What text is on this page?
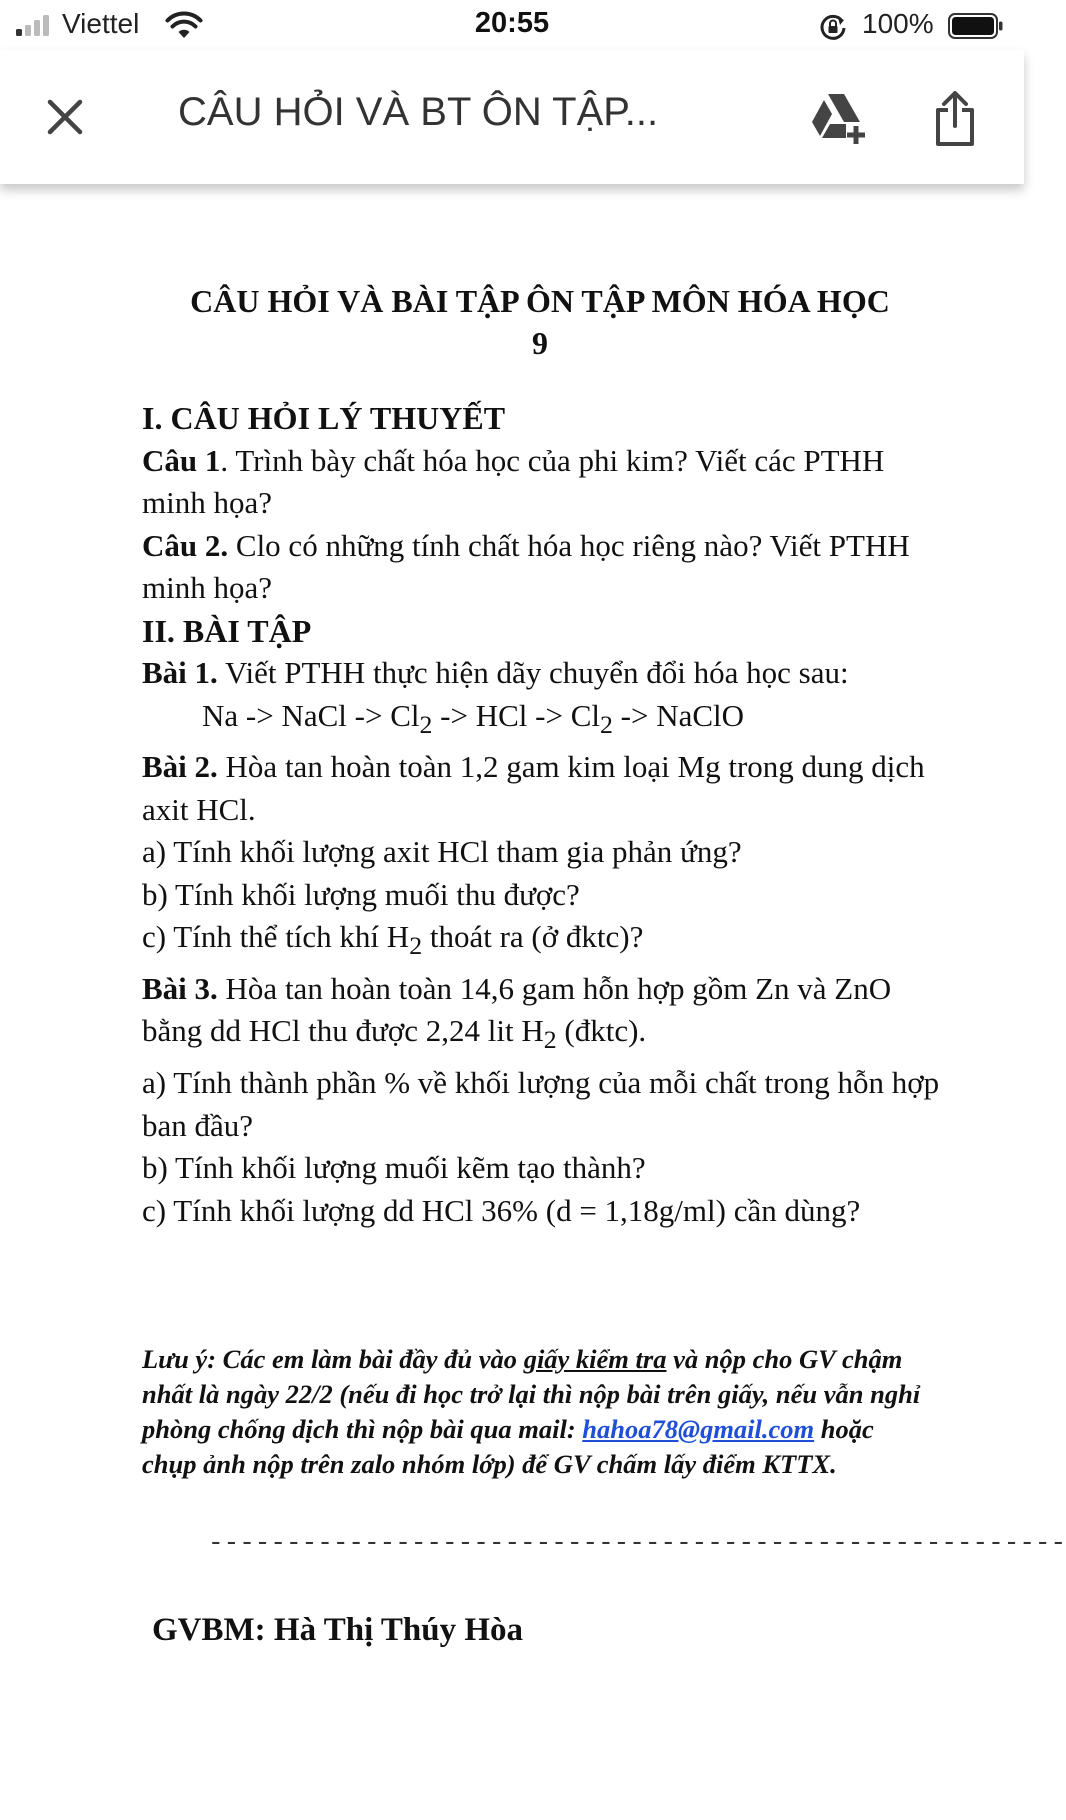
Viettel	20:55	100%
CÂU HỎI VÀ BT ÔN TẬP...
CÂU HỎI VÀ BÀI TẬP ÔN TẬP MÔN HÓA HỌC
9

I. CÂU HỎI LÝ THUYẾT

Câu 1. Trình bày chất hóa học của phi kim? Viết các PTHH minh họa?

Câu 2. Clo có những tính chất hóa học riêng nào? Viết PTHH minh họa?

II. BÀI TẬP

Bài 1. Viết PTHH thực hiện dãy chuyển đổi hóa học sau:

Na -> NaCl -> $Cl_2$ -> HCl -> $Cl_2$ -> NaClO

Bài 2. Hòa tan hoàn toàn 1,2 gam kim loại Mg trong dung dịch axit HCl.

a) Tính khối lượng axit HCl tham gia phản ứng?

b) Tính khối lượng muối thu được?

c) Tính thể tích khí $H_2$ thoát ra (ở đktc)?

Bài 3. Hòa tan hoàn toàn 14,6 gam hỗn hợp gồm Zn và ZnO bằng dd HCl thu được 2,24 lit $H_2$ (đktc).

a) Tính thành phần % về khối lượng của mỗi chất trong hỗn hợp ban đầu?

b) Tính khối lượng muối kẽm tạo thành?

c) Tính khối lượng dd HCl 36% (d = 1,18g/ml) cần dùng?

Lưu ý: Các em làm bài đầy đủ vào giấy kiểm tra và nộp cho GV chậm nhất là ngày 22/2 (nếu đi học trở lại thì nộp bài trên giấy, nếu vẫn nghỉ phòng chống dịch thì nộp bài qua mail: hahoa78@gmail.com hoặc chụp ảnh nộp trên zalo nhóm lớp) để GV chấm lấy điểm KTTX.
-------------------------------------------------------
GVBM: Hà Thị Thúy Hòa
